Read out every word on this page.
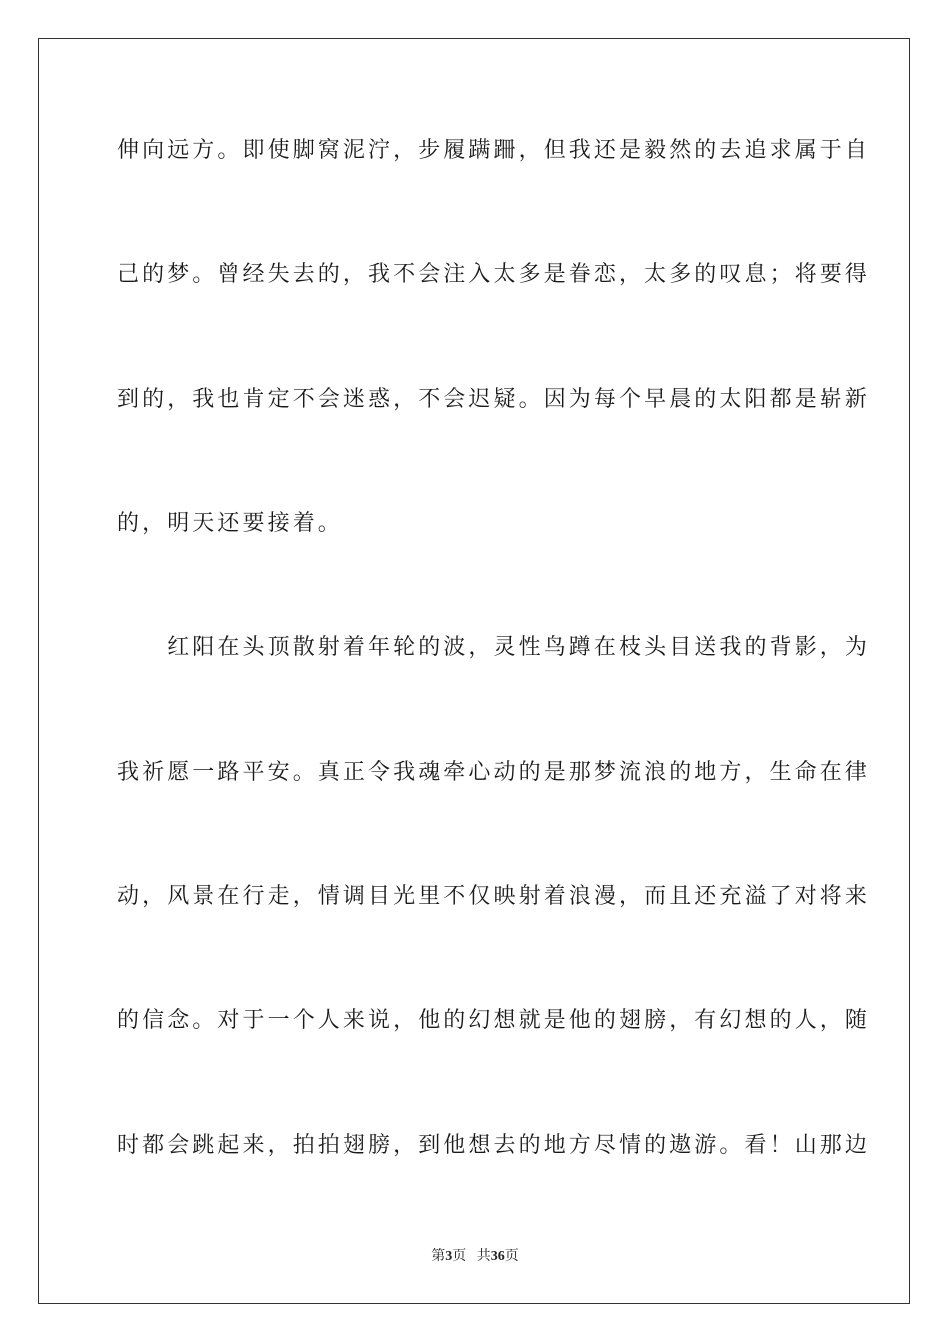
伸向远方。即使脚窝泥泞，步履蹒跚，但我还是毅然的去追求属于自
己的梦。曾经失去的，我不会注入太多是眷恋，太多的叹息；将要得
到的，我也肯定不会迷惑，不会迟疑。因为每个早晨的太阳都是崭新
的，明天还要接着。
　　红阳在头顶散射着年轮的波，灵性鸟蹲在枝头目送我的背影，为
我祈愿一路平安。真正令我魂牵心动的是那梦流浪的地方，生命在律
动，风景在行走，情调目光里不仅映射着浪漫，而且还充溢了对将来
的信念。对于一个人来说，他的幻想就是他的翅膀，有幻想的人，随
时都会跳起来，拍拍翅膀，到他想去的地方尽情的遨游。看！山那边
第3页 共36页
